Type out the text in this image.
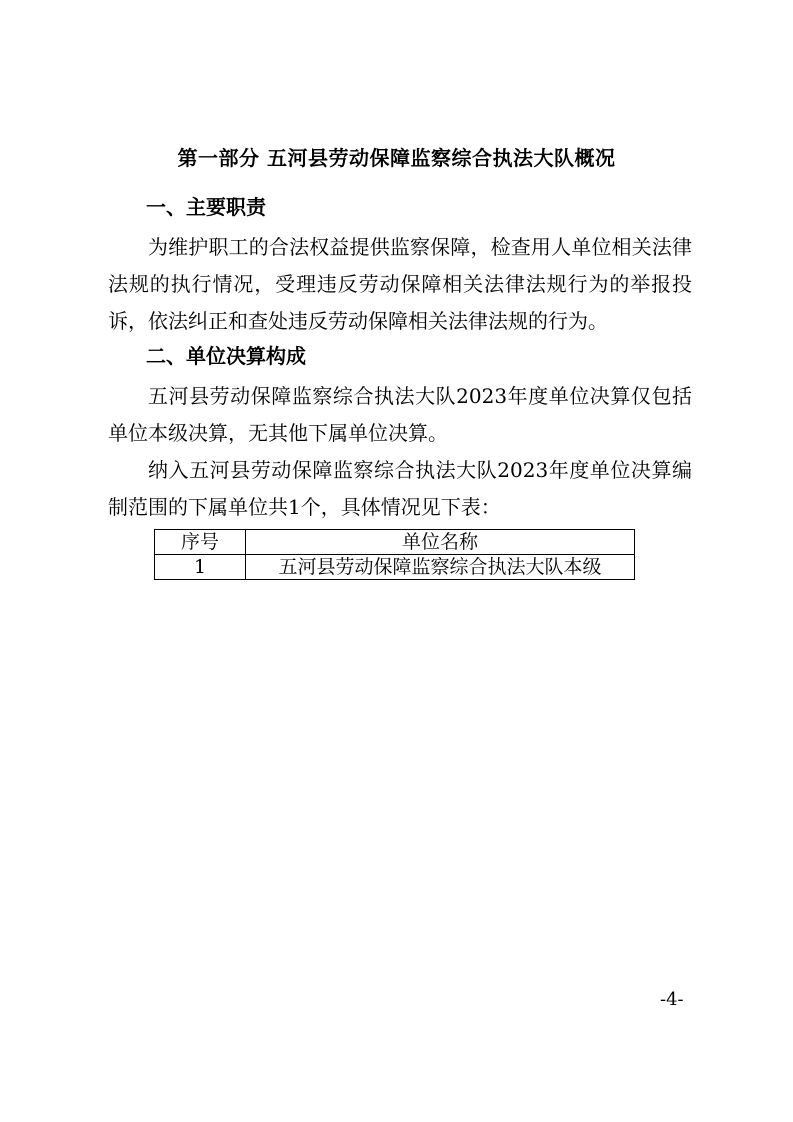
第一部分 五河县劳动保障监察综合执法大队概况
一、主要职责
为维护职工的合法权益提供监察保障，检查用人单位相关法律法规的执行情况，受理违反劳动保障相关法律法规行为的举报投诉，依法纠正和查处违反劳动保障相关法律法规的行为。
二、单位决算构成
五河县劳动保障监察综合执法大队2023年度单位决算仅包括单位本级决算，无其他下属单位决算。
纳入五河县劳动保障监察综合执法大队2023年度单位决算编制范围的下属单位共1个，具体情况见下表：
序号	单位名称
1	五河县劳动保障监察综合执法大队本级
-4-
